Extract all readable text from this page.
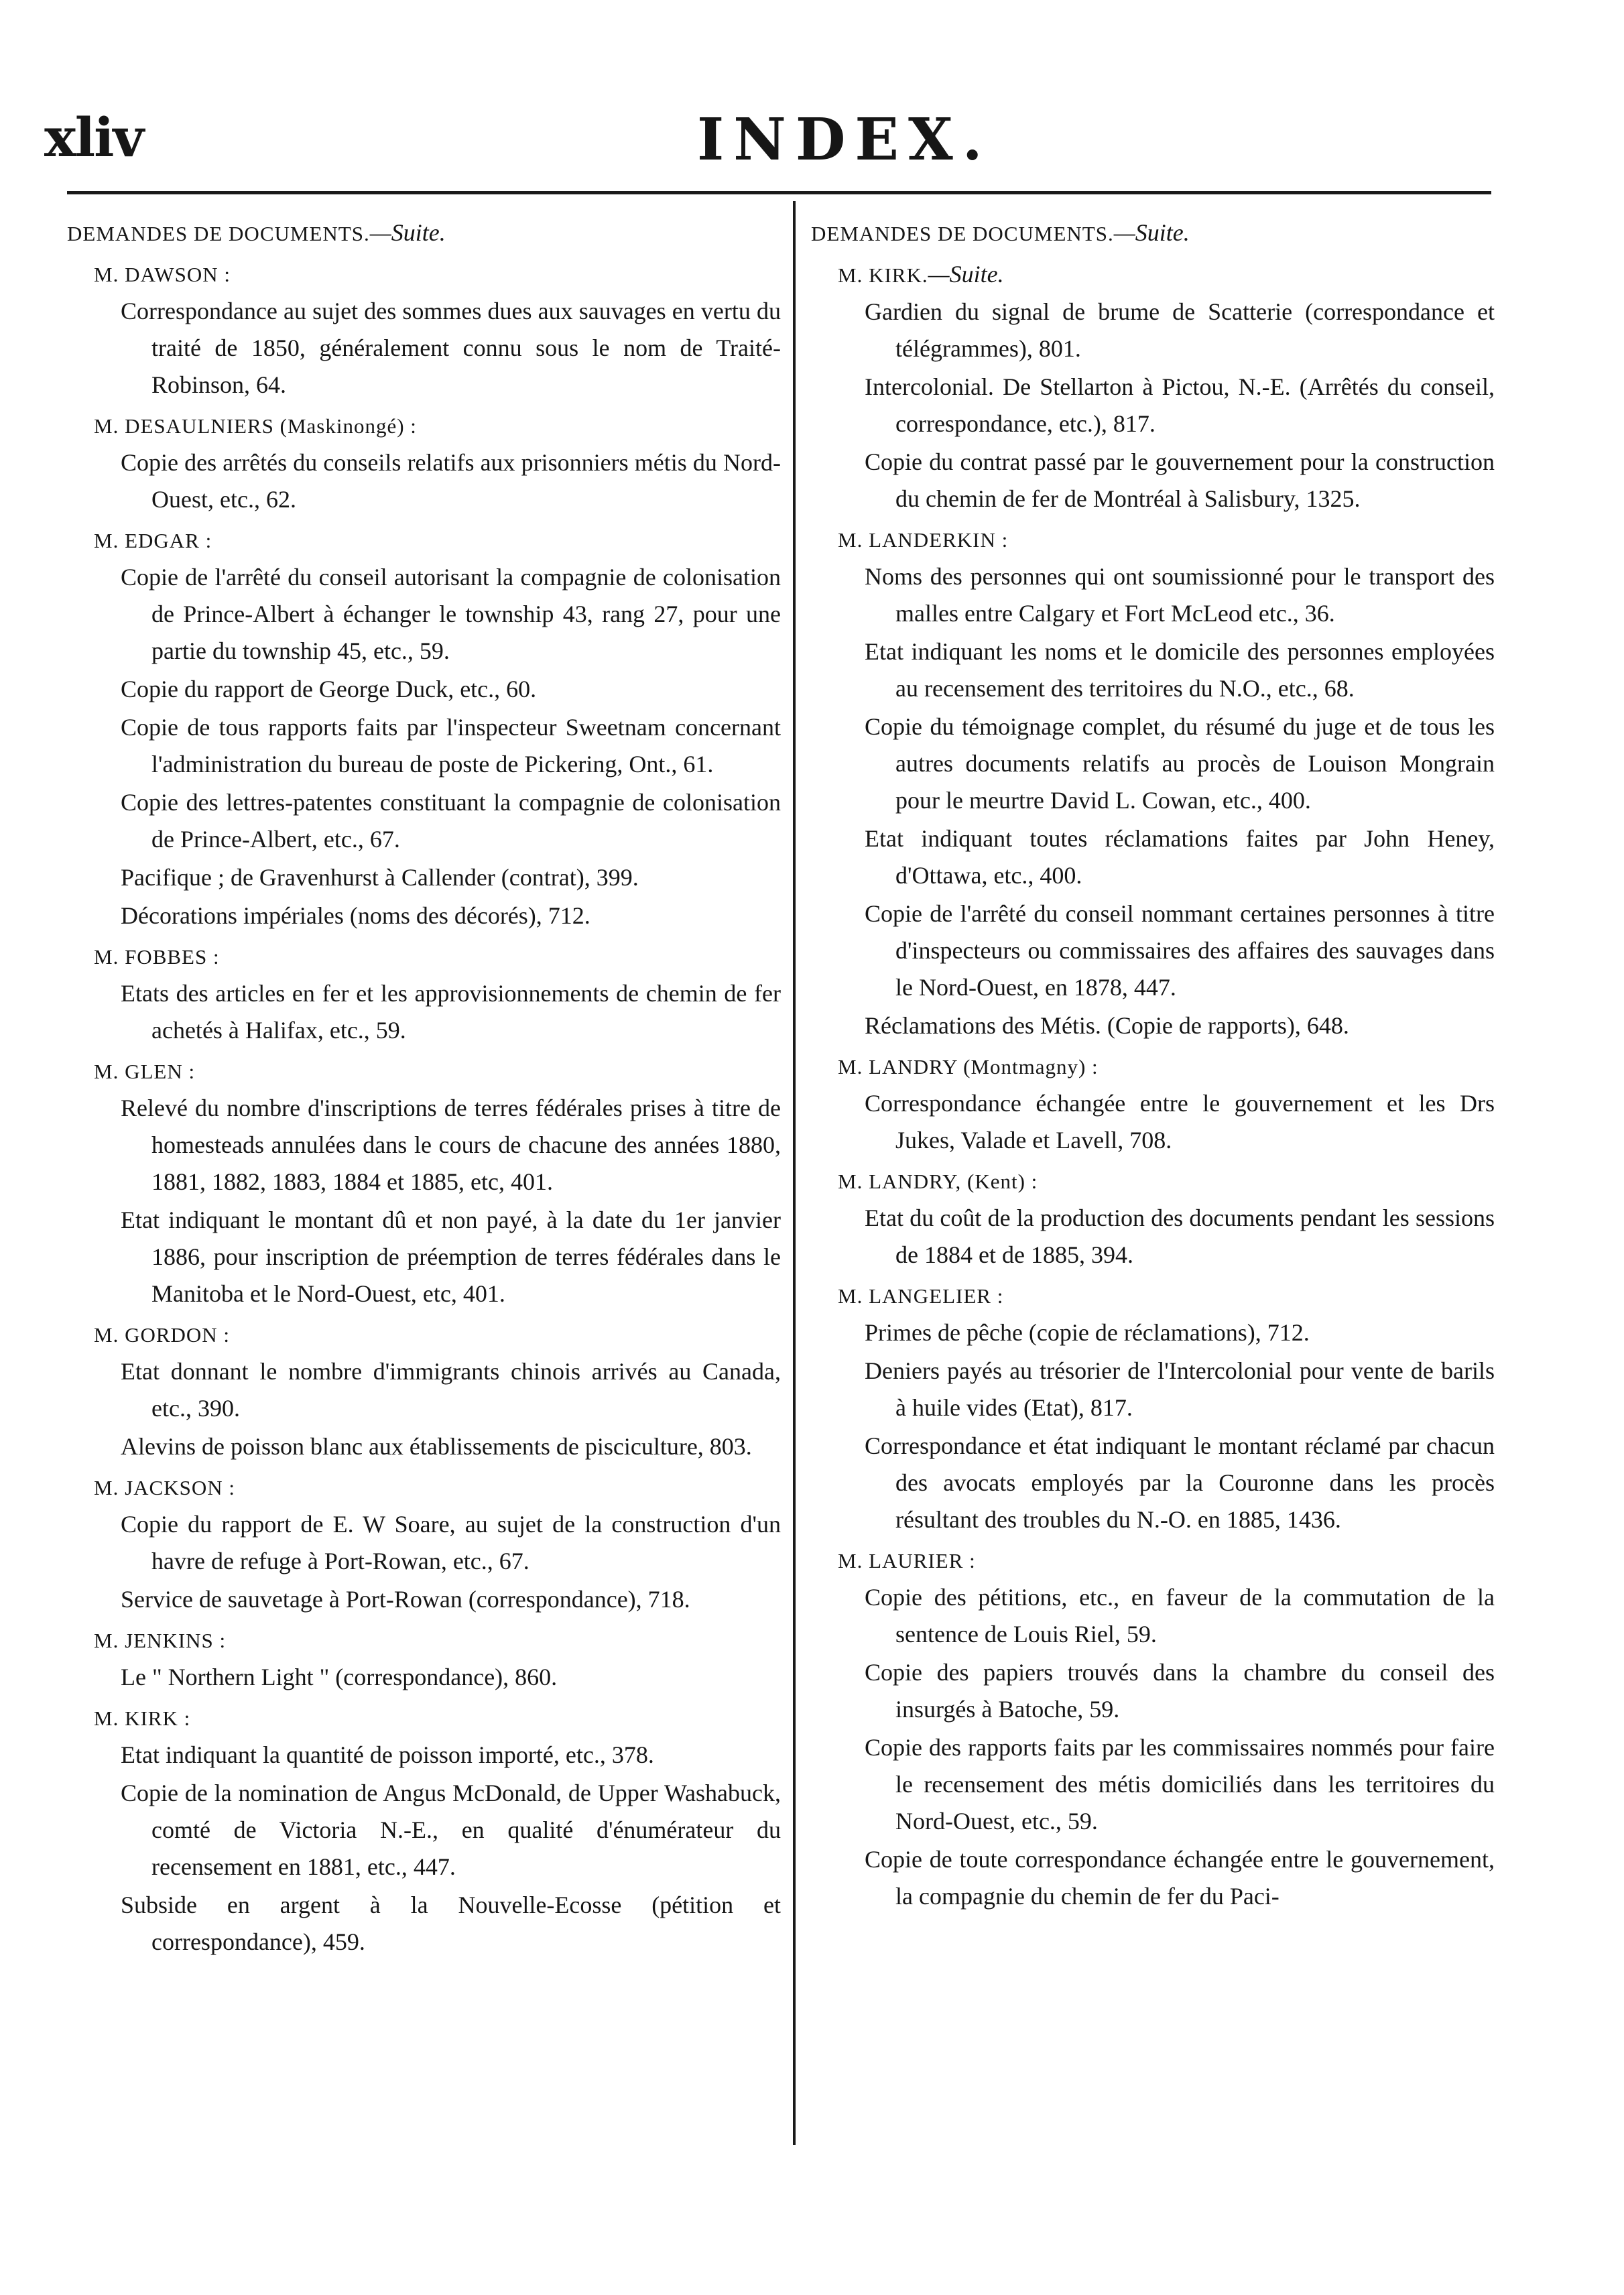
xliv	INDEX.
DEMANDES DE DOCUMENTS.—Suite.
M. DAWSON :
Correspondance au sujet des sommes dues aux sauvages en vertu du traité de 1850, généralement connu sous le nom de Traité-Robinson, 64.
M. DESAULNIERS (Maskinongé) :
Copie des arrêtés du conseils relatifs aux prisonniers métis du Nord-Ouest, etc., 62.
M. EDGAR :
Copie de l'arrêté du conseil autorisant la compagnie de colonisation de Prince-Albert à échanger le township 43, rang 27, pour une partie du township 45, etc., 59.
Copie du rapport de George Duck, etc., 60.
Copie de tous rapports faits par l'inspecteur Sweetnam concernant l'administration du bureau de poste de Pickering, Ont., 61.
Copie des lettres-patentes constituant la compagnie de colonisation de Prince-Albert, etc., 67.
Pacifique ; de Gravenhurst à Callender (contrat), 399.
Décorations impériales (noms des décorés), 712.
M. FOBBES :
Etats des articles en fer et les approvisionnements de chemin de fer achetés à Halifax, etc., 59.
M. GLEN :
Relevé du nombre d'inscriptions de terres fédérales prises à titre de homesteads annulées dans le cours de chacune des années 1880, 1881, 1882, 1883, 1884 et 1885, etc, 401.
Etat indiquant le montant dû et non payé, à la date du 1er janvier 1886, pour inscription de préemption de terres fédérales dans le Manitoba et le Nord-Ouest, etc, 401.
M. GORDON :
Etat donnant le nombre d'immigrants chinois arrivés au Canada, etc., 390.
Alevins de poisson blanc aux établissements de pisciculture, 803.
M. JACKSON :
Copie du rapport de E. W Soare, au sujet de la construction d'un havre de refuge à Port-Rowan, etc., 67.
Service de sauvetage à Port-Rowan (correspondance), 718.
M. JENKINS :
Le " Northern Light " (correspondance), 860.
M. KIRK :
Etat indiquant la quantité de poisson importé, etc., 378.
Copie de la nomination de Angus McDonald, de Upper Washabuck, comté de Victoria N.-E., en qualité d'énumérateur du recensement en 1881, etc., 447.
Subside en argent à la Nouvelle-Ecosse (pétition et correspondance), 459.
DEMANDES DE DOCUMENTS.—Suite.
M. KIRK.—Suite.
Gardien du signal de brume de Scatterie (correspondance et télégrammes), 801.
Intercolonial. De Stellarton à Pictou, N.-E. (Arrêtés du conseil, correspondance, etc.), 817.
Copie du contrat passé par le gouvernement pour la construction du chemin de fer de Montréal à Salisbury, 1325.
M. LANDERKIN :
Noms des personnes qui ont soumissionné pour le transport des malles entre Calgary et Fort McLeod etc., 36.
Etat indiquant les noms et le domicile des personnes employées au recensement des territoires du N.O., etc., 68.
Copie du témoignage complet, du résumé du juge et de tous les autres documents relatifs au procès de Louison Mongrain pour le meurtre David L. Cowan, etc., 400.
Etat indiquant toutes réclamations faites par John Heney, d'Ottawa, etc., 400.
Copie de l'arrêté du conseil nommant certaines personnes à titre d'inspecteurs ou commissaires des affaires des sauvages dans le Nord-Ouest, en 1878, 447.
Réclamations des Métis. (Copie de rapports), 648.
M. LANDRY (Montmagny) :
Correspondance échangée entre le gouvernement et les Drs Jukes, Valade et Lavell, 708.
M. LANDRY, (Kent) :
Etat du coût de la production des documents pendant les sessions de 1884 et de 1885, 394.
M. LANGELIER :
Primes de pêche (copie de réclamations), 712.
Deniers payés au trésorier de l'Intercolonial pour vente de barils à huile vides (Etat), 817.
Correspondance et état indiquant le montant réclamé par chacun des avocats employés par la Couronne dans les procès résultant des troubles du N.-O. en 1885, 1436.
M. LAURIER :
Copie des pétitions, etc., en faveur de la commutation de la sentence de Louis Riel, 59.
Copie des papiers trouvés dans la chambre du conseil des insurgés à Batoche, 59.
Copie des rapports faits par les commissaires nommés pour faire le recensement des métis domiciliés dans les territoires du Nord-Ouest, etc., 59.
Copie de toute correspondance échangée entre le gouvernement, la compagnie du chemin de fer du Paci-
